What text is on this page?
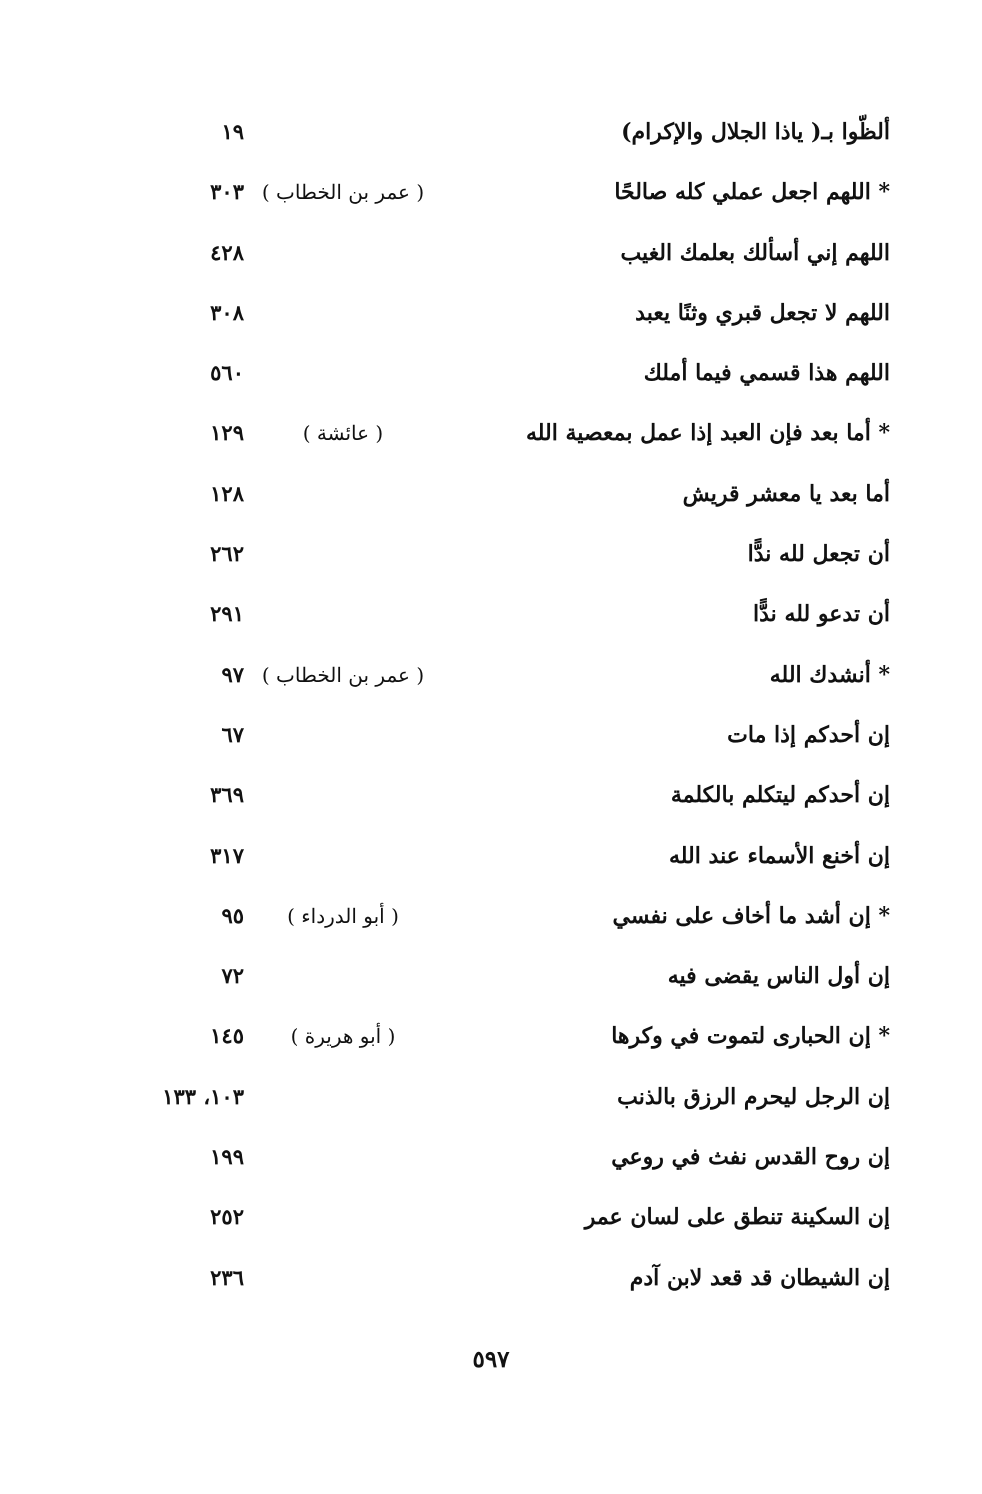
ألظّوا بـ( ياذا الجلال والإكرام)
١٩
* اللهم اجعل عملي كله صالحًا
( عمر بن الخطاب )
٣٠٣
اللهم إني أسألك بعلمك الغيب
٤٢٨
اللهم لا تجعل قبري وثنًا يعبد
٣٠٨
اللهم هذا قسمي فيما أملك
٥٦٠
* أما بعد فإن العبد إذا عمل بمعصية الله
( عائشة )
١٢٩
أما بعد يا معشر قريش
١٢٨
أن تجعل لله ندًّا
٢٦٢
أن تدعو لله ندًّا
٢٩١
* أنشدك الله
( عمر بن الخطاب )
٩٧
إن أحدكم إذا مات
٦٧
إن أحدكم ليتكلم بالكلمة
٣٦٩
إن أخنع الأسماء عند الله
٣١٧
* إن أشد ما أخاف على نفسي
( أبو الدرداء )
٩٥
إن أول الناس يقضى فيه
٧٢
* إن الحبارى لتموت في وكرها
( أبو هريرة )
١٤٥
إن الرجل ليحرم الرزق بالذنب
١٠٣، ١٣٣
إن روح القدس نفث في روعي
١٩٩
إن السكينة تنطق على لسان عمر
٢٥٢
إن الشيطان قد قعد لابن آدم
٢٣٦
٥٩٧
